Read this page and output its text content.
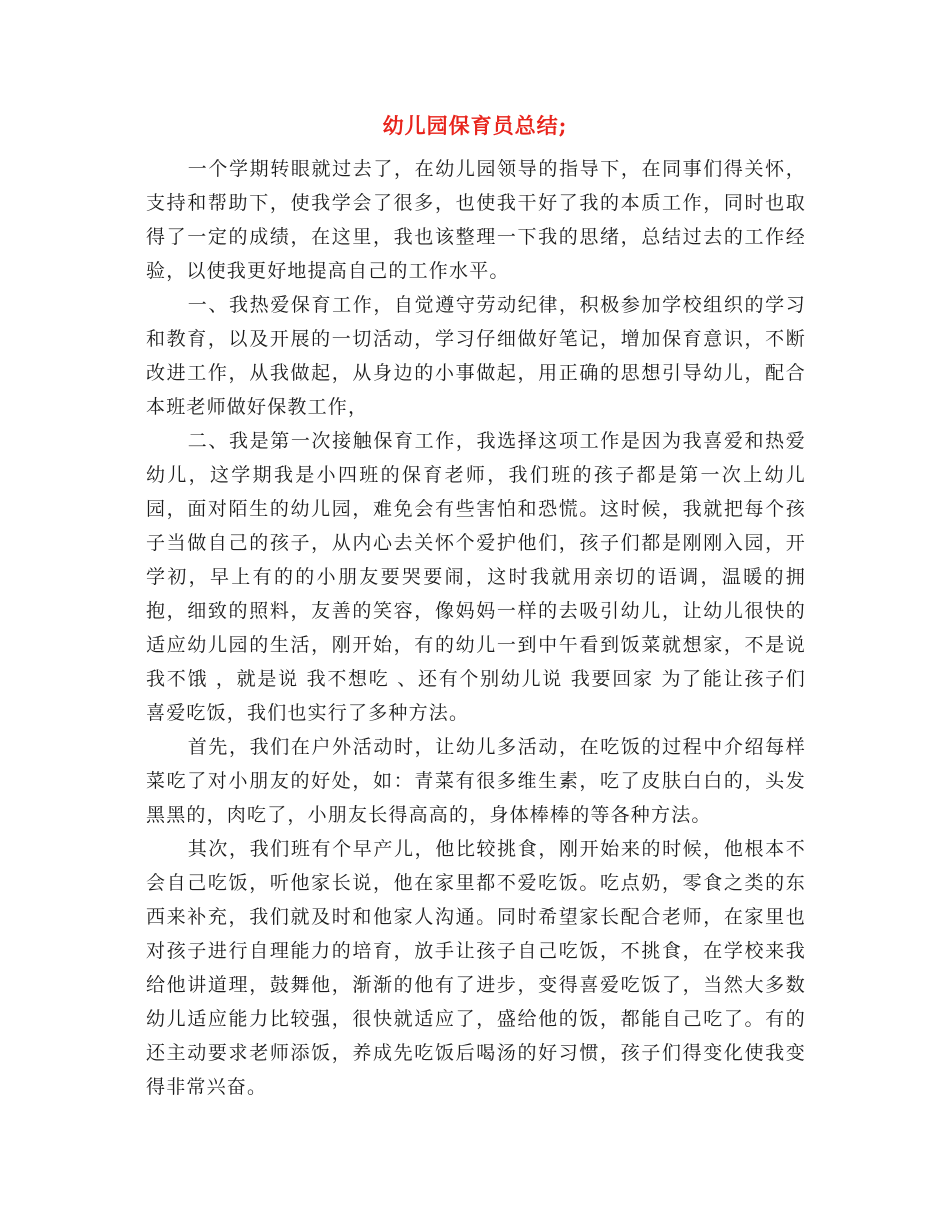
幼儿园保育员总结;

一个学期转眼就过去了，在幼儿园领导的指导下，在同事们得关怀，支持和帮助下，使我学会了很多，也使我干好了我的本质工作，同时也取得了一定的成绩，在这里，我也该整理一下我的思绪，总结过去的工作经验，以使我更好地提高自己的工作水平。

一、我热爱保育工作，自觉遵守劳动纪律，积极参加学校组织的学习和教育，以及开展的一切活动，学习仔细做好笔记，增加保育意识，不断改进工作，从我做起，从身边的小事做起，用正确的思想引导幼儿，配合本班老师做好保教工作，

二、我是第一次接触保育工作，我选择这项工作是因为我喜爱和热爱幼儿，这学期我是小四班的保育老师，我们班的孩子都是第一次上幼儿园，面对陌生的幼儿园，难免会有些害怕和恐慌。这时候，我就把每个孩子当做自己的孩子，从内心去关怀个爱护他们，孩子们都是刚刚入园，开学初，早上有的的小朋友要哭要闹，这时我就用亲切的语调，温暖的拥抱，细致的照料，友善的笑容，像妈妈一样的去吸引幼儿，让幼儿很快的适应幼儿园的生活，刚开始，有的幼儿一到中午看到饭菜就想家，不是说 我不饿 ，就是说 我不想吃 、还有个别幼儿说 我要回家 为了能让孩子们喜爱吃饭，我们也实行了多种方法。

首先，我们在户外活动时，让幼儿多活动，在吃饭的过程中介绍每样菜吃了对小朋友的好处，如：青菜有很多维生素，吃了皮肤白白的，头发黑黑的，肉吃了，小朋友长得高高的，身体棒棒的等各种方法。

其次，我们班有个早产儿，他比较挑食，刚开始来的时候，他根本不会自己吃饭，听他家长说，他在家里都不爱吃饭。吃点奶，零食之类的东西来补充，我们就及时和他家人沟通。同时希望家长配合老师，在家里也对孩子进行自理能力的培育，放手让孩子自己吃饭，不挑食，在学校来我给他讲道理，鼓舞他，渐渐的他有了进步，变得喜爱吃饭了，当然大多数幼儿适应能力比较强，很快就适应了，盛给他的饭，都能自己吃了。有的还主动要求老师添饭，养成先吃饭后喝汤的好习惯，孩子们得变化使我变得非常兴奋。
